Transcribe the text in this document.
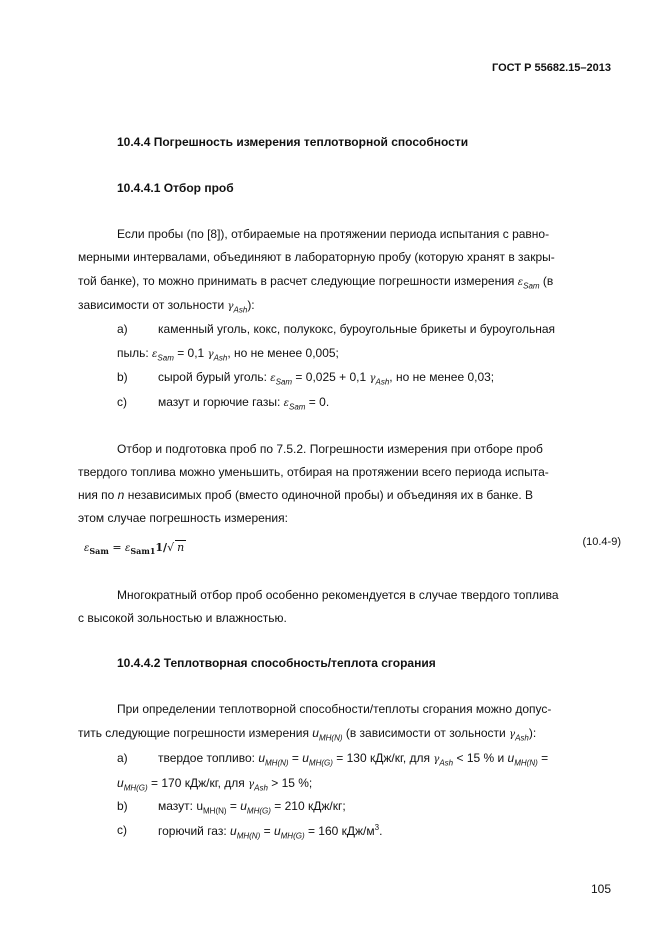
ГОСТ Р 55682.15–2013
10.4.4 Погрешность измерения теплотворной способности
10.4.4.1 Отбор проб
Если пробы (по [8]), отбираемые на протяжении периода испытания с равно-
мерными интервалами, объединяют в лабораторную пробу (которую хранят в закры-
той банке), то можно принимать в расчет следующие погрешности измерения $\varepsilon_{Sam}$ (в
зависимости от зольности $\gamma_{Ash}$):
a)	каменный уголь, кокс, полукокс, буроугольные брикеты и буроугольная
пыль: $\varepsilon_{Sam} = 0,1$ $\gamma_{Ash}$, но не менее 0,005;
b)	сырой бурый уголь: $\varepsilon_{Sam} = 0,025 + 0,1$ $\gamma_{Ash}$, но не менее 0,03;
c)	мазут и горючие газы: $\varepsilon_{Sam} = 0$.
Отбор и подготовка проб по 7.5.2. Погрешности измерения при отборе проб
твердого топлива можно уменьшить, отбирая на протяжении всего периода испыта-
ния по n независимых проб (вместо одиночной пробы) и объединяя их в банке. В
этом случае погрешность измерения:
$\varepsilon_{Sam} = \varepsilon_{Sam1}1/√$ n	(10.4-9)
Многократный отбор проб особенно рекомендуется в случае твердого топлива
с высокой зольностью и влажностью.
10.4.4.2 Теплотворная способность/теплота сгорания
При определении теплотворной способности/теплоты сгорания можно допус-
тить следующие погрешности измерения $u_{MH(N)}$ (в зависимости от зольности $\gamma_{Ash}$):
a)	твердое топливо: $u_{MH(N)} = u_{MH(G)} = 130$ кДж/кг, для $\gamma_{Ash} < 15$ % и $u_{MH(N)}$ =
$u_{MH(G)} = 170$ кДж/кг, для $\gamma_{Ash} > 15$ %;
b)	мазут: $u_{MH(N)} = u_{MH(G)} = 210$ кДж/кг;
c)	горючий газ: $u_{MH(N)} = u_{MH(G)} = 160$ кДж/$м^3$.
105
